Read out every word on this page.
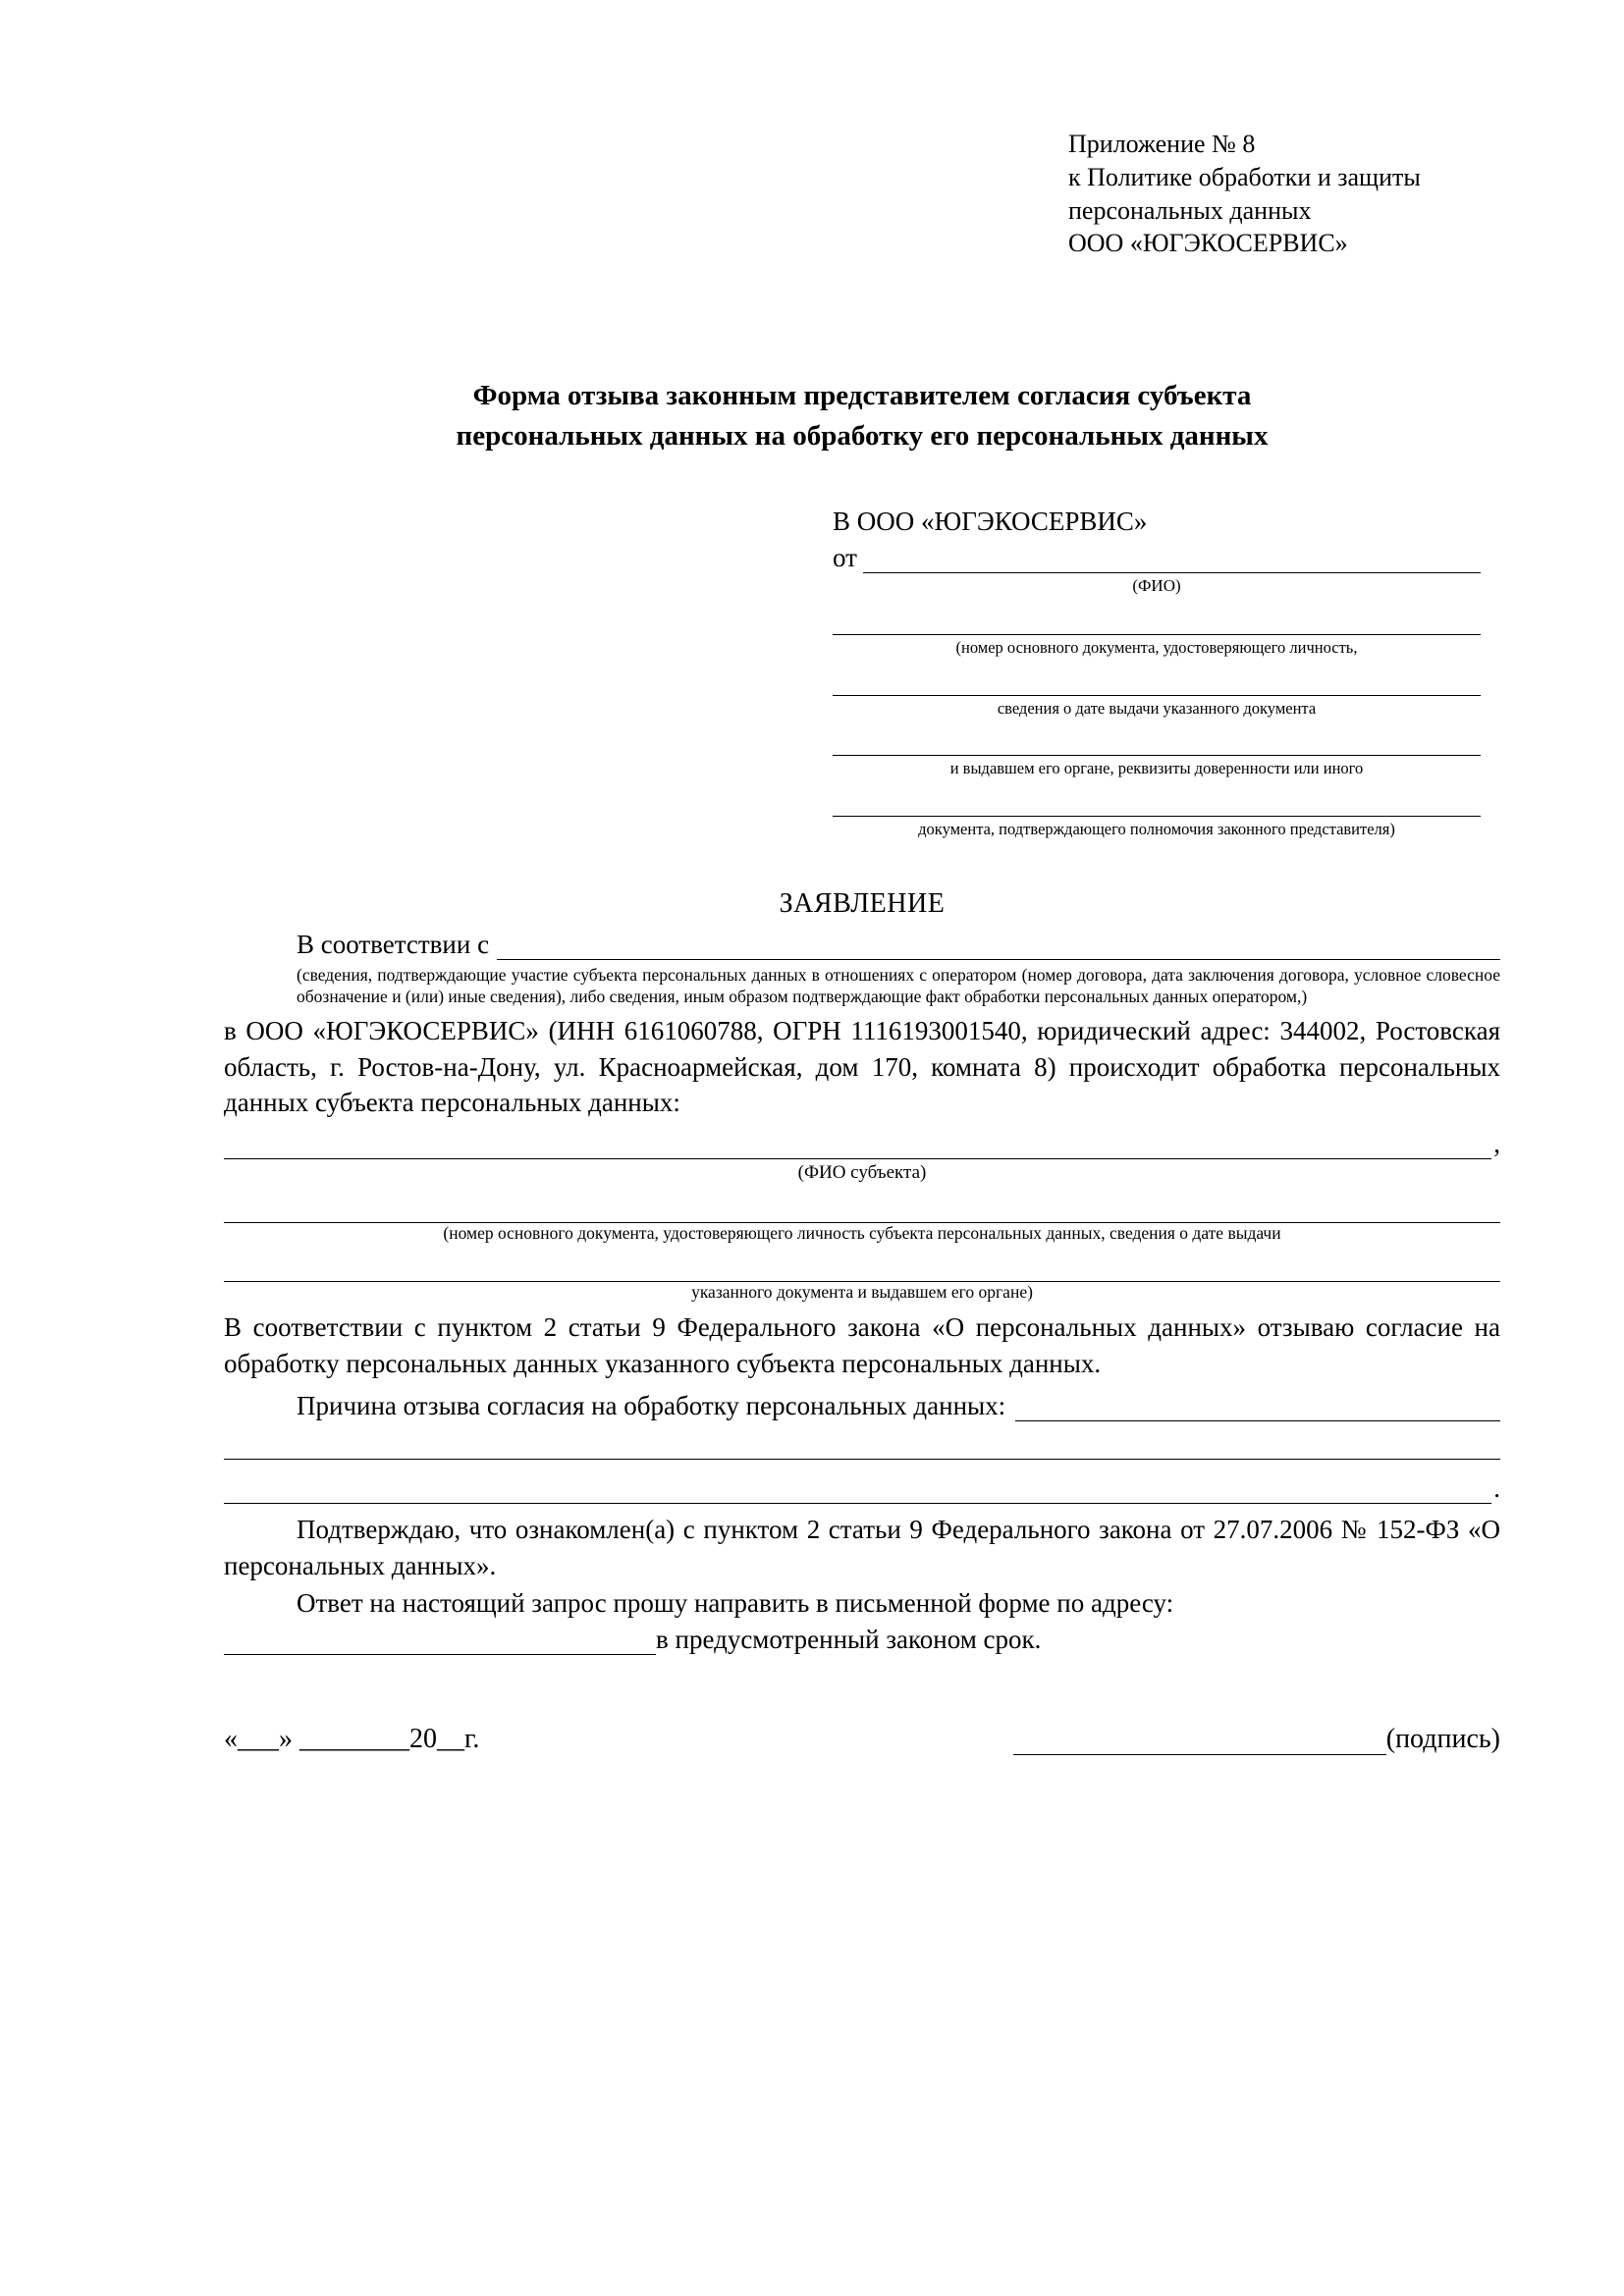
Приложение № 8
к Политике обработки и защиты
персональных данных
ООО «ЮГЭКОСЕРВИС»
Форма отзыва законным представителем согласия субъекта
персональных данных на обработку его персональных данных
В ООО «ЮГЭКОСЕРВИС»
от
(ФИО)
(номер основного документа, удостоверяющего личность,
сведения о дате выдачи указанного документа
и выдавшем его органе, реквизиты доверенности или иного
документа, подтверждающего полномочия законного представителя)
ЗАЯВЛЕНИЕ
В соответствии с
(сведения, подтверждающие участие субъекта персональных данных в отношениях с оператором (номер договора, дата заключения договора, условное словесное обозначение и (или) иные сведения), либо сведения, иным образом подтверждающие факт обработки персональных данных оператором,)
в ООО «ЮГЭКОСЕРВИС» (ИНН 6161060788, ОГРН 1116193001540, юридический адрес: 344002, Ростовская область, г. Ростов-на-Дону, ул. Красноармейская, дом 170, комната 8) происходит обработка персональных данных субъекта персональных данных:
,
(ФИО субъекта)
(номер основного документа, удостоверяющего личность субъекта персональных данных, сведения о дате выдачи
указанного документа и выдавшем его органе)
В соответствии с пунктом 2 статьи 9 Федерального закона «О персональных данных» отзываю согласие на обработку персональных данных указанного субъекта персональных данных.
Причина отзыва согласия на обработку персональных данных:
.
Подтверждаю, что ознакомлен(а) с пунктом 2 статьи 9 Федерального закона от 27.07.2006 № 152-ФЗ «О персональных данных».
Ответ на настоящий запрос прошу направить в письменной форме по адресу:
в предусмотренный законом срок.
«___» ________20__г.	(подпись)
